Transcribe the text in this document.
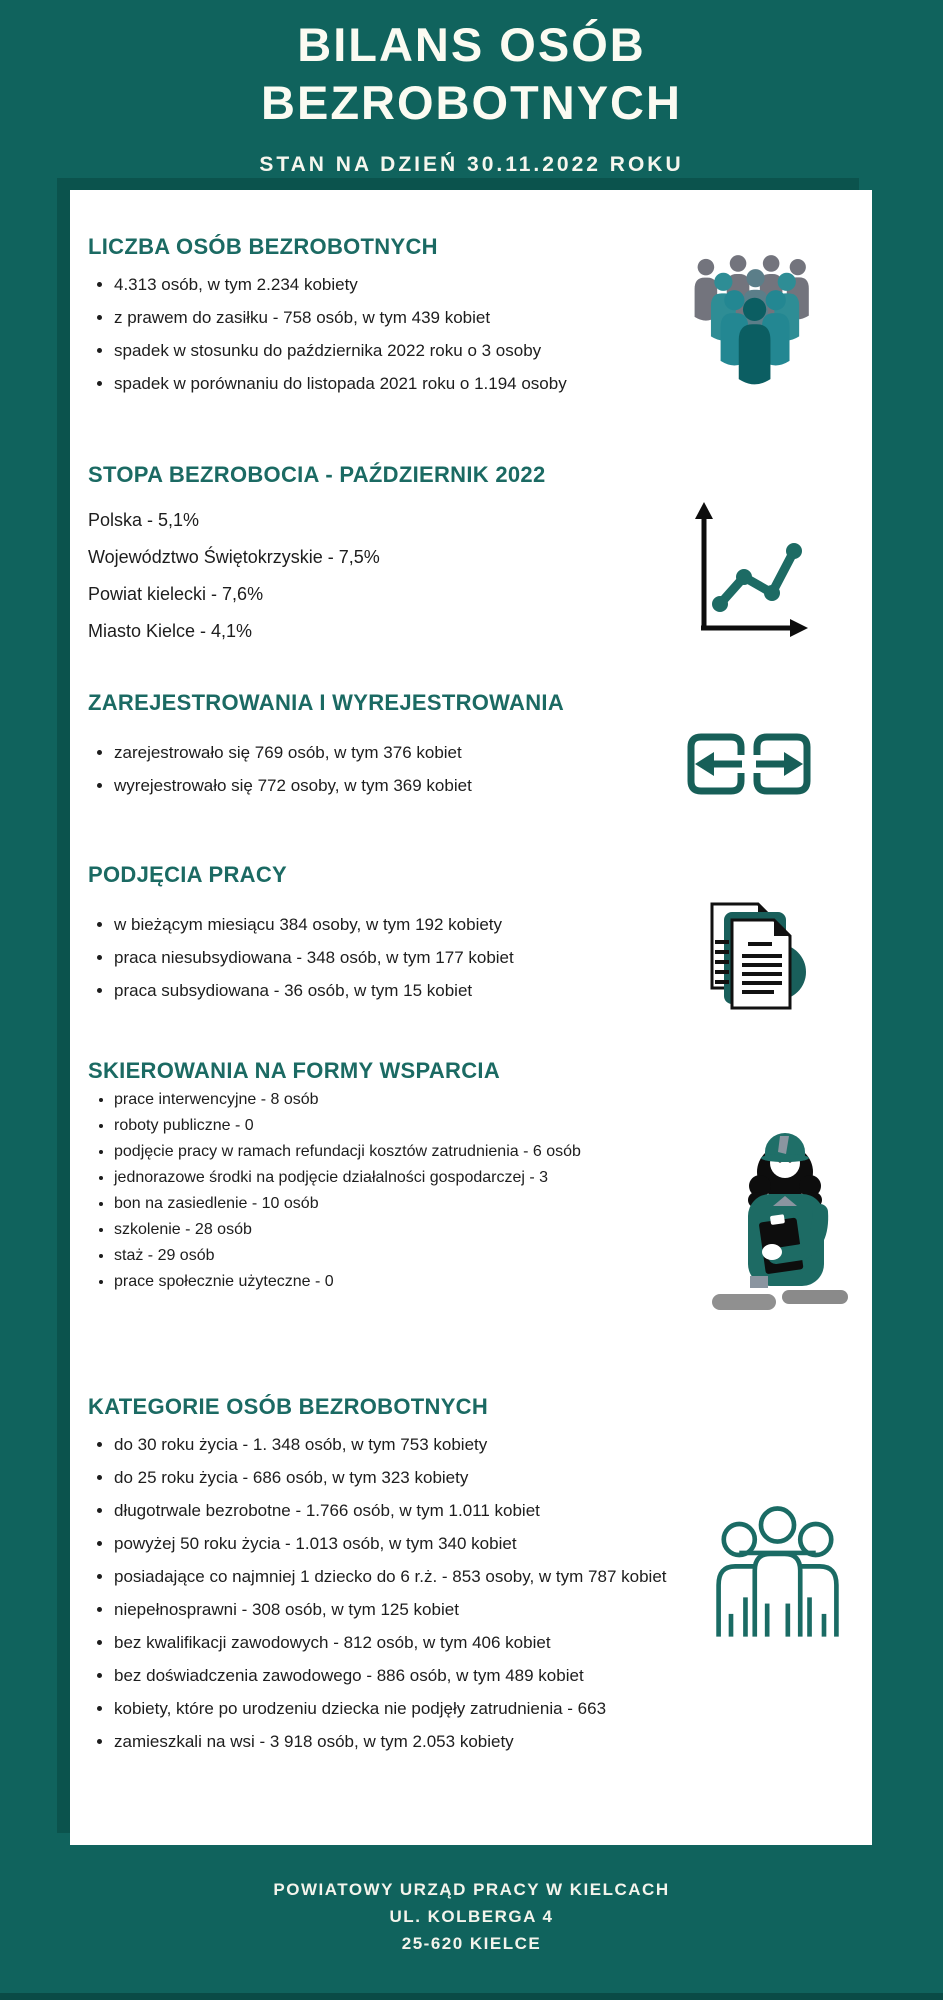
BILANS OSÓB
BEZROBOTNYCH
STAN NA DZIEŃ 30.11.2022 ROKU
LICZBA OSÓB BEZROBOTNYCH
• 4.313 osób, w tym 2.234 kobiety
• z prawem do zasiłku - 758 osób, w tym 439 kobiet
• spadek w stosunku do października 2022 roku o 3 osoby
• spadek w porównaniu do listopada 2021 roku o 1.194 osoby
STOPA BEZROBOCIA - PAŹDZIERNIK 2022
Polska - 5,1%
Województwo Świętokrzyskie - 7,5%
Powiat kielecki - 7,6%
Miasto Kielce - 4,1%
ZAREJESTROWANIA I WYREJESTROWANIA
• zarejestrowało się 769 osób, w tym 376 kobiet
• wyrejestrowało się 772 osoby, w tym 369 kobiet
PODJĘCIA PRACY
• w bieżącym miesiącu 384 osoby, w tym 192 kobiety
• praca niesubsydiowana - 348 osób, w tym 177 kobiet
• praca subsydiowana - 36 osób, w tym 15 kobiet
SKIEROWANIA NA FORMY WSPARCIA
• prace interwencyjne - 8 osób
• roboty publiczne - 0
• podjęcie pracy w ramach refundacji kosztów zatrudnienia - 6 osób
• jednorazowe środki na podjęcie działalności gospodarczej - 3
• bon na zasiedlenie - 10 osób
• szkolenie - 28 osób
• staż - 29 osób
• prace społecznie użyteczne - 0
KATEGORIE OSÓB BEZROBOTNYCH
• do 30 roku życia - 1. 348 osób, w tym 753 kobiety
• do 25 roku życia - 686 osób, w tym 323 kobiety
• długotrwale bezrobotne - 1.766 osób, w tym 1.011 kobiet
• powyżej 50 roku życia - 1.013 osób, w tym 340 kobiet
• posiadające co najmniej 1 dziecko do 6 r.ż. - 853 osoby, w tym 787 kobiet
• niepełnosprawni - 308 osób, w tym 125 kobiet
• bez kwalifikacji zawodowych - 812 osób, w tym 406 kobiet
• bez doświadczenia zawodowego - 886 osób, w tym 489 kobiet
• kobiety, które po urodzeniu dziecka nie podjęły zatrudnienia - 663
• zamieszkali na wsi - 3 918 osób, w tym 2.053 kobiety
POWIATOWY URZĄD PRACY W KIELCACH
UL. KOLBERGA 4
25-620 KIELCE
